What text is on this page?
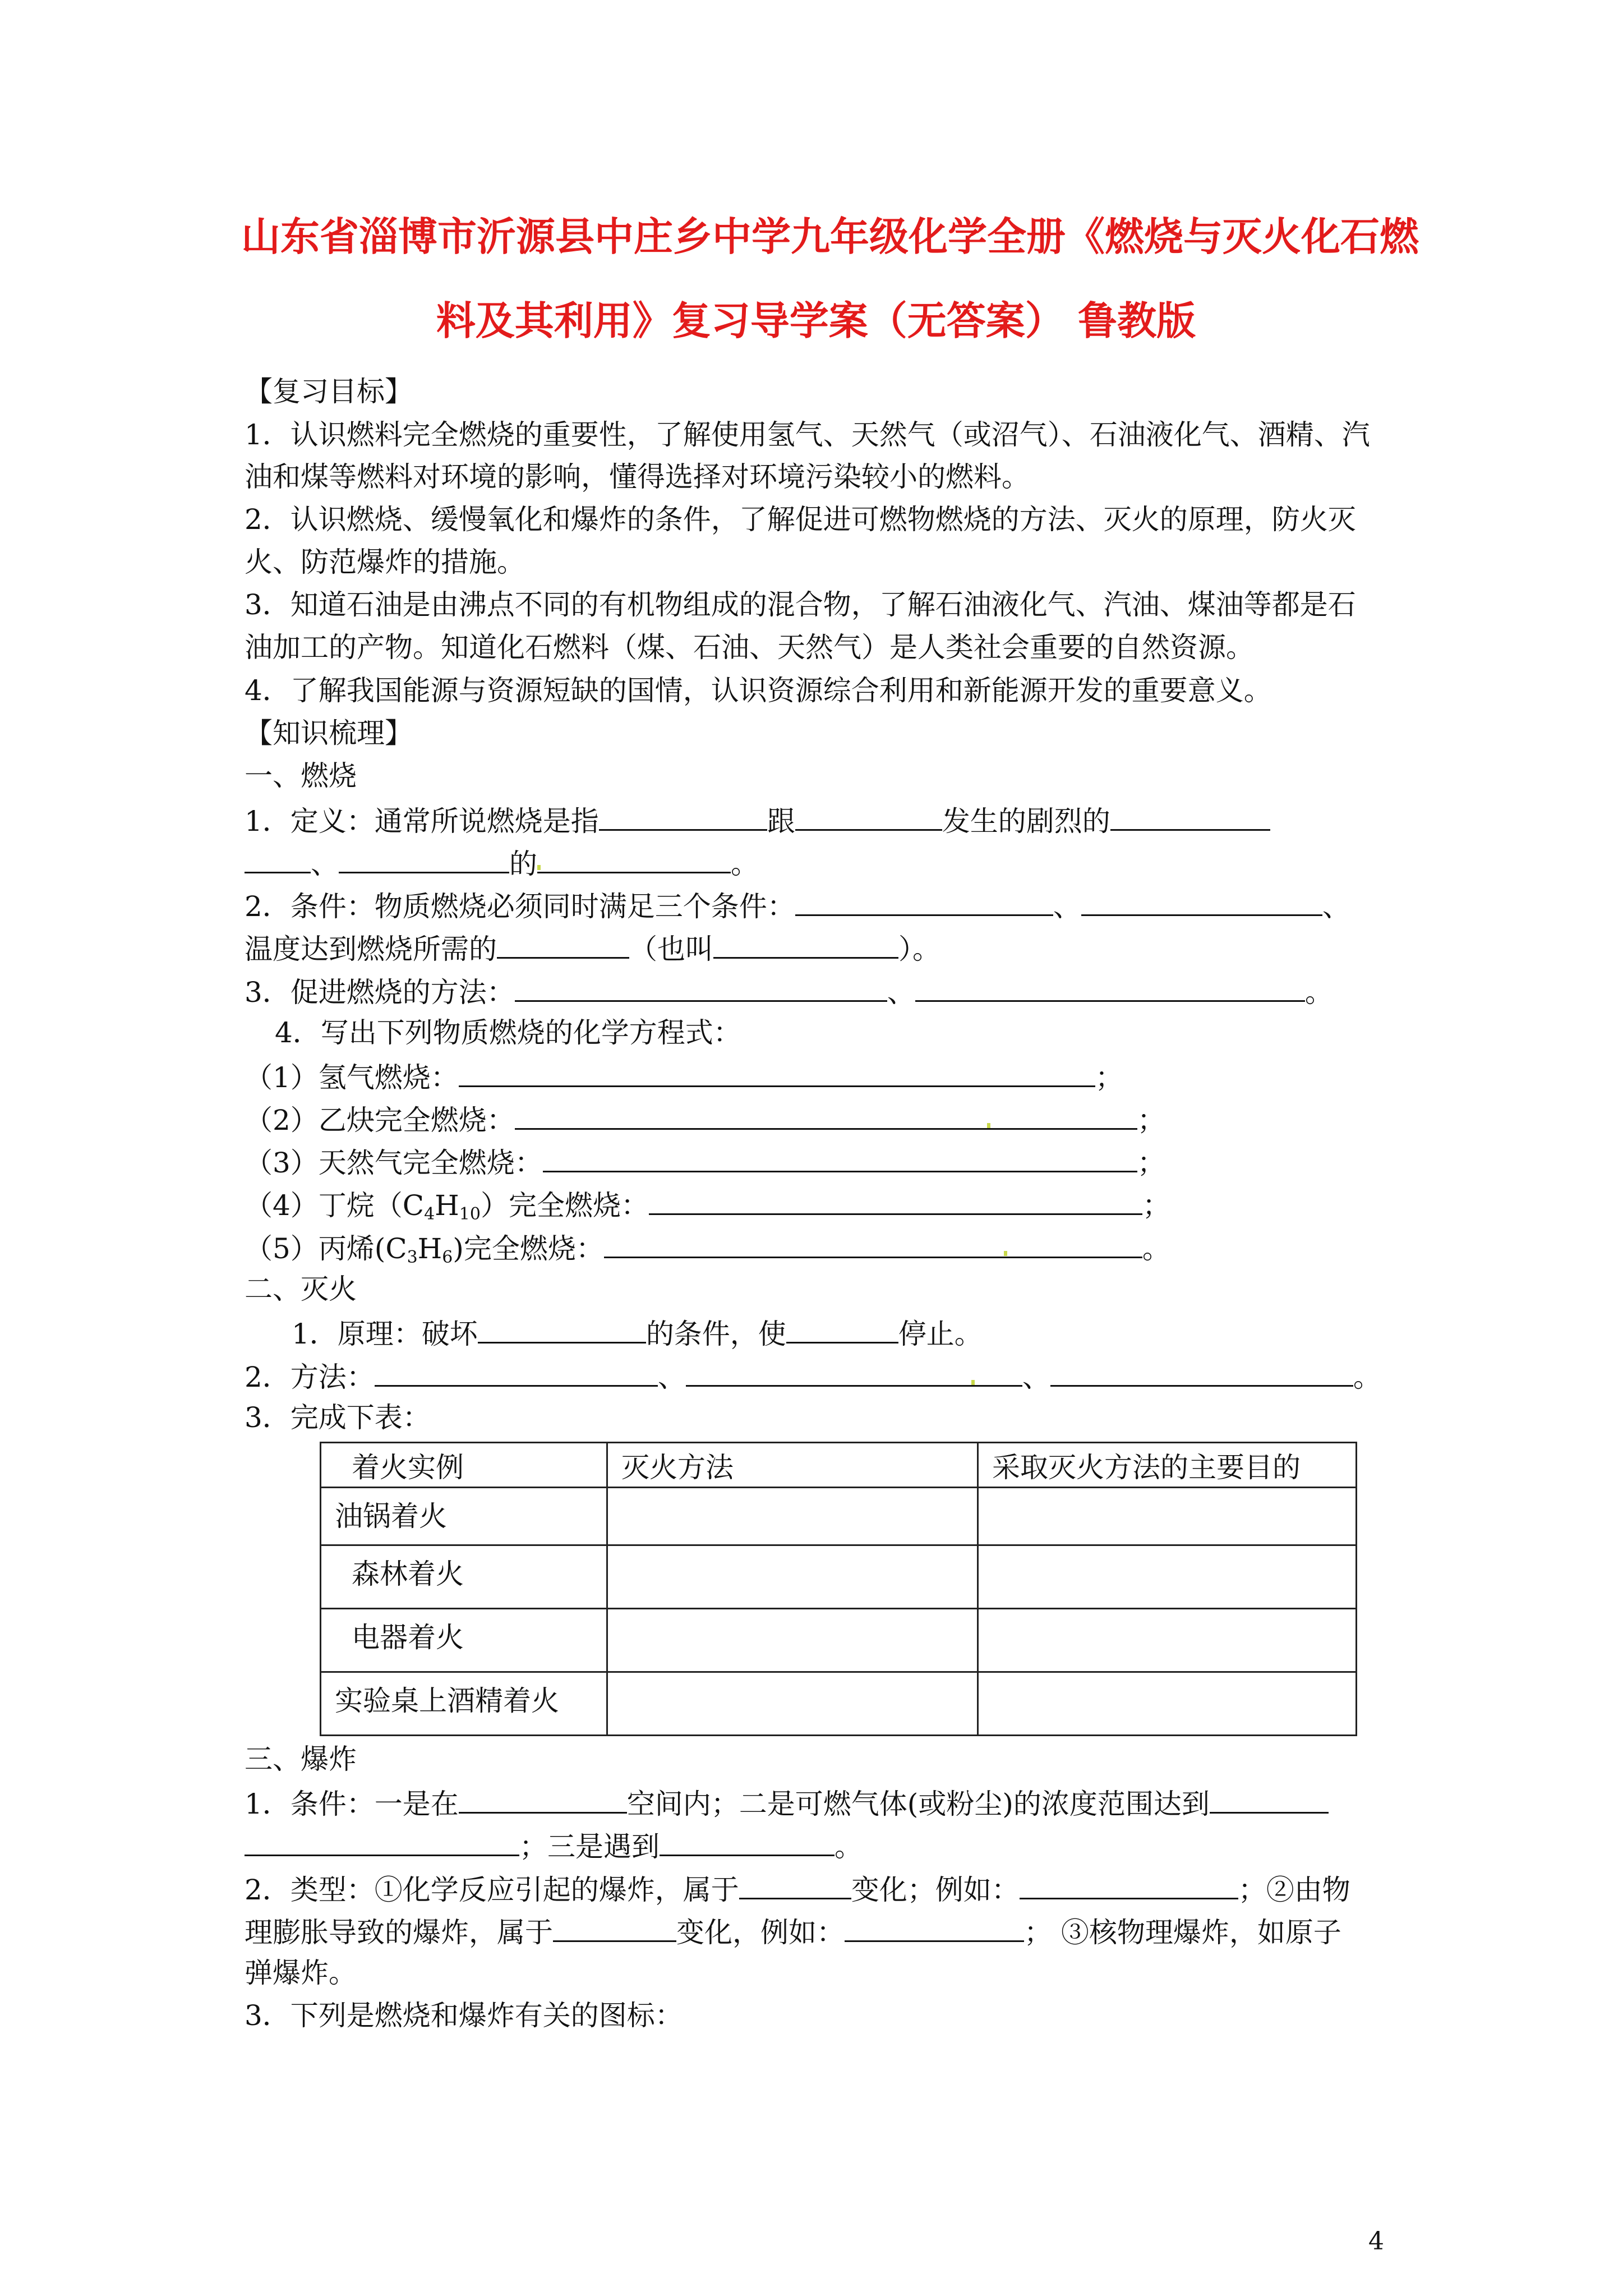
山东省淄博市沂源县中庄乡中学九年级化学全册《燃烧与灭火化石燃
料及其利用》复习导学案（无答案） 鲁教版
【复习目标】
1．认识燃料完全燃烧的重要性，了解使用氢气、天然气（或沼气）、石油液化气、酒精、汽
油和煤等燃料对环境的影响，懂得选择对环境污染较小的燃料。
2．认识燃烧、缓慢氧化和爆炸的条件，了解促进可燃物燃烧的方法、灭火的原理，防火灭
火、防范爆炸的措施。
3．知道石油是由沸点不同的有机物组成的混合物，了解石油液化气、汽油、煤油等都是石
油加工的产物。知道化石燃料（煤、石油、天然气）是人类社会重要的自然资源。
4．了解我国能源与资源短缺的国情，认识资源综合利用和新能源开发的重要意义。
【知识梳理】
一、燃烧
1．定义：通常所说燃烧是指	跟	发生的剧烈的
、	的	。
2．条件：物质燃烧必须同时满足三个条件：	、	、
温度达到燃烧所需的	（也叫	）。
3．促进燃烧的方法：	、	。
4．写出下列物质燃烧的化学方程式：
（1）氢气燃烧：	；
（2）乙炔完全燃烧：	；
（3）天然气完全燃烧：	；
（4）丁烷$(C_4H_{10})$完全燃烧：	；
（5）丙烯$(C_3H_6)$完全燃烧：	。
二、灭火
1．原理：破坏	的条件，使	停止。
2．方法：	、	、	。
3．完成下表：
着火实例	灭火方法	采取灭火方法的主要目的
油锅着火		
森林着火		
电器着火		
实验桌上酒精着火		
三、爆炸
1．条件：一是在	空间内；二是可燃气体(或粉尘)的浓度范围达到
；三是遇到	。
2．类型：①化学反应引起的爆炸，属于	变化；例如：	；②由物
理膨胀导致的爆炸，属于	变化，例如：	； ③核物理爆炸，如原子
弹爆炸。
3．下列是燃烧和爆炸有关的图标：
4
